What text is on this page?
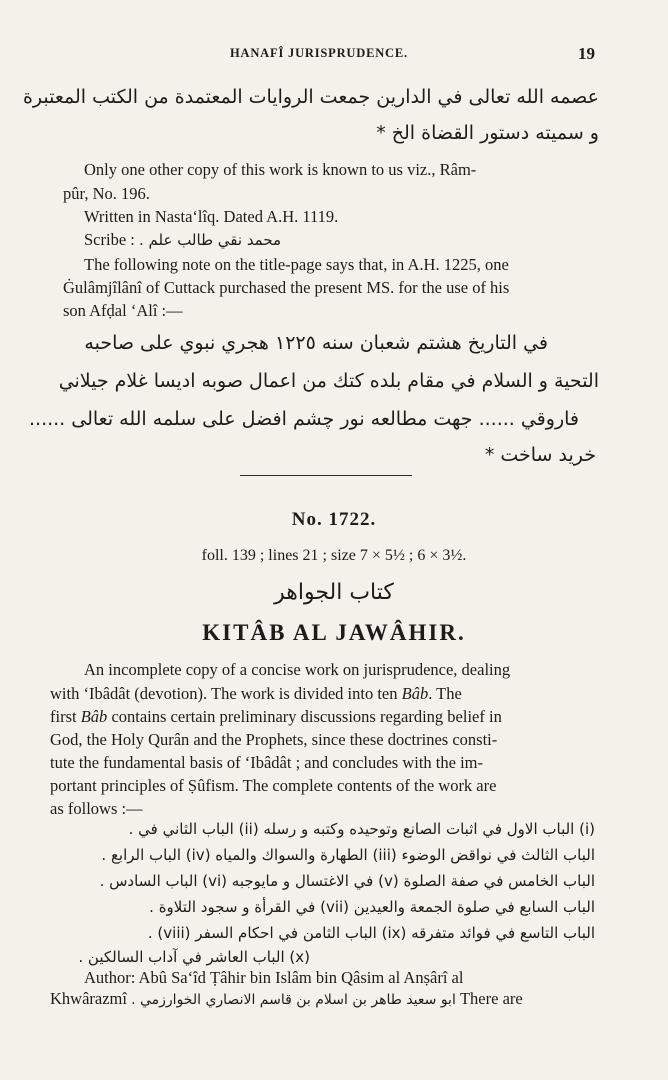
HANAFÎ JURISPRUDENCE.	19
عصمه الله تعالى في الدارين جمعت الروايات المعتمدة من الكتب المعتبرة
و سميته دستور القضاة الخ *
Only one other copy of this work is known to us viz., Râm-
pûr, No. 196.
Written in Nastaʻlîq. Dated A.H. 1119.
Scribe : محمد نقي طالب علم .
The following note on the title-page says that, in A.H. 1225, one
Ġulâmjîlânî of Cuttack purchased the present MS. for the use of his
son Afḍal ʻAlî :—
في التاريخ هشتم شعبان سنه ١٢٢٥ هجري نبوي على صاحبه
التحية و السلام في مقام بلده كتك من اعمال صوبه اديسا غلام جيلاني
فاروقي ...... جهت مطالعه نور چشم افضل على سلمه الله تعالى ......
خريد ساخت *
No. 1722.
foll. 139 ; lines 21 ; size 7 × 5½ ; 6 × 3½.
كتاب الجواهر
KITÂB AL JAWÂHIR.
An incomplete copy of a concise work on jurisprudence, dealing
with ʻIbâdât (devotion). The work is divided into ten Bâb. The
first Bâb contains certain preliminary discussions regarding belief in
God, the Holy Qurân and the Prophets, since these doctrines consti-
tute the fundamental basis of ʻIbâdât ; and concludes with the im-
portant principles of Ṣûfism. The complete contents of the work are
as follows :—
(i) الباب الاول في اثبات الصانع وتوحيده وكتبه و رسله (ii) الباب الثاني في .
الباب الثالث في نواقض الوضوء (iii) الطهارة والسواك والمياه (iv) الباب الرابع .
الباب الخامس في صفة الصلوة (v) في الاغتسال و مايوجبه (vi) الباب السادس .
الباب السابع في صلوة الجمعة والعيدين (vii) في القرأة و سجود التلاوة .
الباب التاسع في فوائد متفرقه (ix) الباب الثامن في احكام السفر (viii) .
(x) الباب العاشر في آداب السالكين .
Author: Abû Saʻîd Ṭâhir bin Islâm bin Qâsim al Anṣârî al
Khwârazmî ابو سعيد طاهر بن اسلام بن قاسم الانصاري الخوارزمي . There are
